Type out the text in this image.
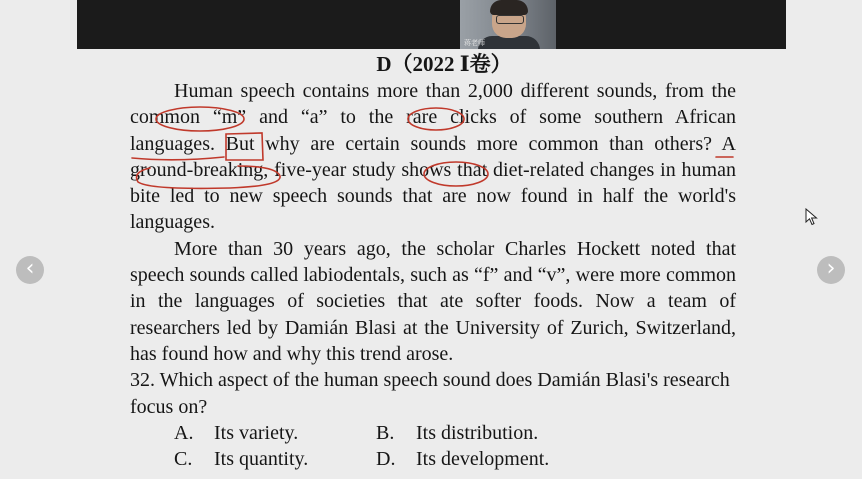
蒋老师
D（2022 Ⅰ卷）

Human speech contains more than 2,000 different sounds, from the common “m” and “a” to the rare clicks of some southern African languages. But why are certain sounds more common than others? A ground-breaking, five-year study shows that diet-related changes in human bite led to new speech sounds that are now found in half the world's languages.

More than 30 years ago, the scholar Charles Hockett noted that speech sounds called labiodentals, such as “f” and “v”, were more common in the languages of societies that ate softer foods. Now a team of researchers led by Damián Blasi at the University of Zurich, Switzerland, has found how and why this trend arose.

32. Which aspect of the human speech sound does Damián Blasi's research focus on?

A. Its variety.	B. Its distribution.
C. Its quantity.	D. Its development.
‹	›
